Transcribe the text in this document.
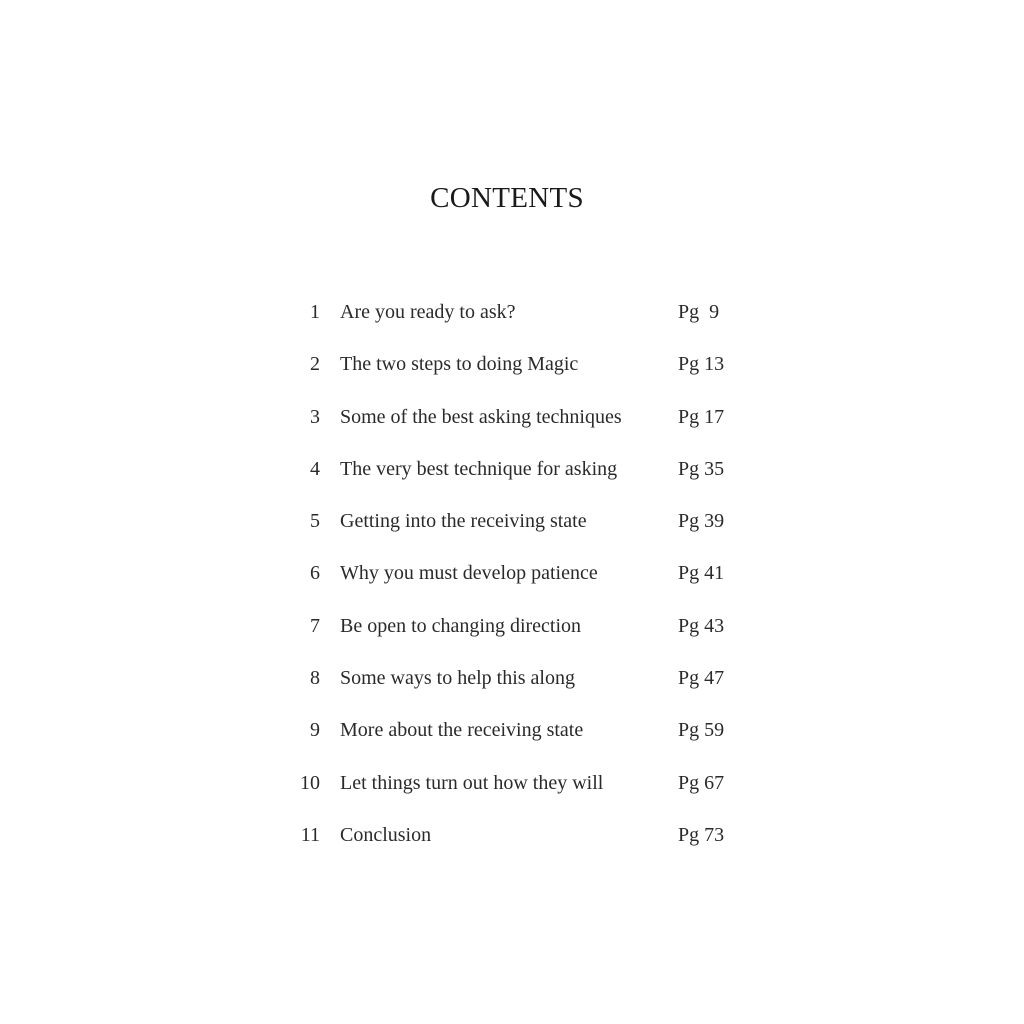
CONTENTS
1	Are you ready to ask?	Pg  9
2	The two steps to doing Magic	Pg 13
3	Some of the best asking techniques	Pg 17
4	The very best technique for asking	Pg 35
5	Getting into the receiving state	Pg 39
6	Why you must develop patience	Pg 41
7	Be open to changing direction	Pg 43
8	Some ways to help this along	Pg 47
9	More about the receiving state	Pg 59
10	Let things turn out how they will	Pg 67
11	Conclusion	Pg 73
